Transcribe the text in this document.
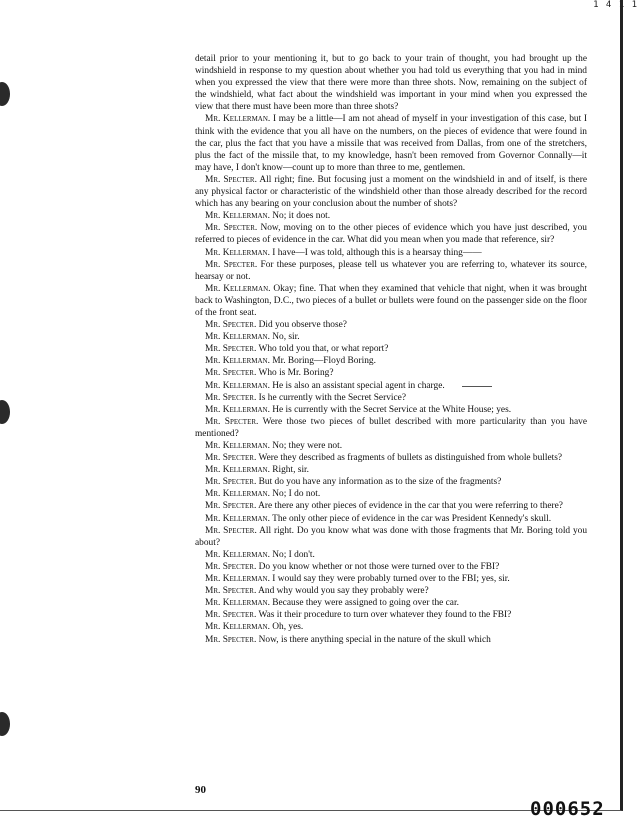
1 4 1 1

detail prior to your mentioning it, but to go back to your train of thought, you had brought up the windshield in response to my question about whether you had told us everything that you had in mind when you expressed the view that there were more than three shots. Now, remaining on the subject of the windshield, what fact about the windshield was important in your mind when you expressed the view that there must have been more than three shots?

Mr. Kellerman. I may be a little—I am not ahead of myself in your investigation of this case, but I think with the evidence that you all have on the numbers, on the pieces of evidence that were found in the car, plus the fact that you have a missile that was received from Dallas, from one of the stretchers, plus the fact of the missile that, to my knowledge, hasn't been removed from Governor Connally—it may have, I don't know—count up to more than three to me, gentlemen.

Mr. Specter. All right; fine. But focusing just a moment on the windshield in and of itself, is there any physical factor or characteristic of the windshield other than those already described for the record which has any bearing on your conclusion about the number of shots?

Mr. Kellerman. No; it does not.

Mr. Specter. Now, moving on to the other pieces of evidence which you have just described, you referred to pieces of evidence in the car. What did you mean when you made that reference, sir?

Mr. Kellerman. I have—I was told, although this is a hearsay thing——

Mr. Specter. For these purposes, please tell us whatever you are referring to, whatever its source, hearsay or not.

Mr. Kellerman. Okay; fine. That when they examined that vehicle that night, when it was brought back to Washington, D.C., two pieces of a bullet or bullets were found on the passenger side on the floor of the front seat.

Mr. Specter. Did you observe those?

Mr. Kellerman. No, sir.

Mr. Specter. Who told you that, or what report?

Mr. Kellerman. Mr. Boring—Floyd Boring.

Mr. Specter. Who is Mr. Boring?

Mr. Kellerman. He is also an assistant special agent in charge.

Mr. Specter. Is he currently with the Secret Service?

Mr. Kellerman. He is currently with the Secret Service at the White House; yes.

Mr. Specter. Were those two pieces of bullet described with more particularity than you have mentioned?

Mr. Kellerman. No; they were not.

Mr. Specter. Were they described as fragments of bullets as distinguished from whole bullets?

Mr. Kellerman. Right, sir.

Mr. Specter. But do you have any information as to the size of the fragments?

Mr. Kellerman. No; I do not.

Mr. Specter. Are there any other pieces of evidence in the car that you were referring to there?

Mr. Kellerman. The only other piece of evidence in the car was President Kennedy's skull.

Mr. Specter. All right. Do you know what was done with those fragments that Mr. Boring told you about?

Mr. Kellerman. No; I don't.

Mr. Specter. Do you know whether or not those were turned over to the FBI?

Mr. Kellerman. I would say they were probably turned over to the FBI; yes, sir.

Mr. Specter. And why would you say they probably were?

Mr. Kellerman. Because they were assigned to going over the car.

Mr. Specter. Was it their procedure to turn over whatever they found to the FBI?

Mr. Kellerman. Oh, yes.

Mr. Specter. Now, is there anything special in the nature of the skull which

90
000652
